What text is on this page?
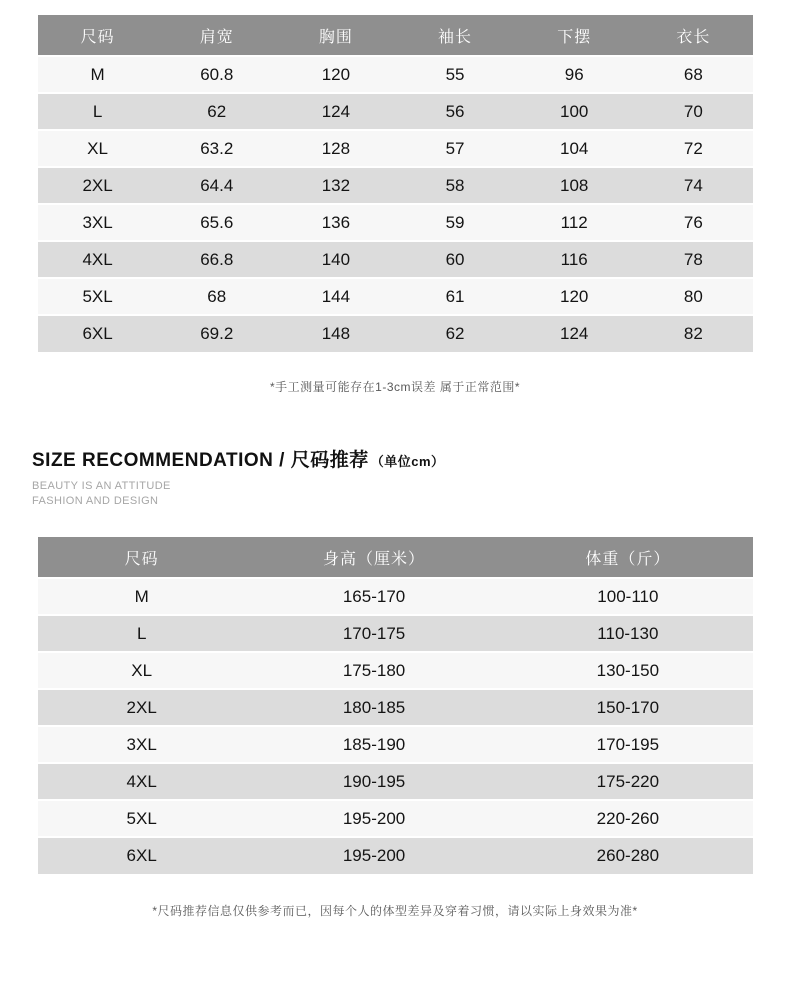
尺码	肩宽	胸围	袖长	下摆	衣长
M	60.8	120	55	96	68
L	62	124	56	100	70
XL	63.2	128	57	104	72
2XL	64.4	132	58	108	74
3XL	65.6	136	59	112	76
4XL	66.8	140	60	116	78
5XL	68	144	61	120	80
6XL	69.2	148	62	124	82

*手工测量可能存在1-3cm误差 属于正常范围*

SIZE RECOMMENDATION / 尺码推荐 （单位cm）

BEAUTY IS AN ATTITUDE

FASHION AND DESIGN

尺码	身高（厘米）	体重（斤）
M	165-170	100-110
L	170-175	110-130
XL	175-180	130-150
2XL	180-185	150-170
3XL	185-190	170-195
4XL	190-195	175-220
5XL	195-200	220-260
6XL	195-200	260-280

*尺码推荐信息仅供参考而已，因每个人的体型差异及穿着习惯，请以实际上身效果为准*
